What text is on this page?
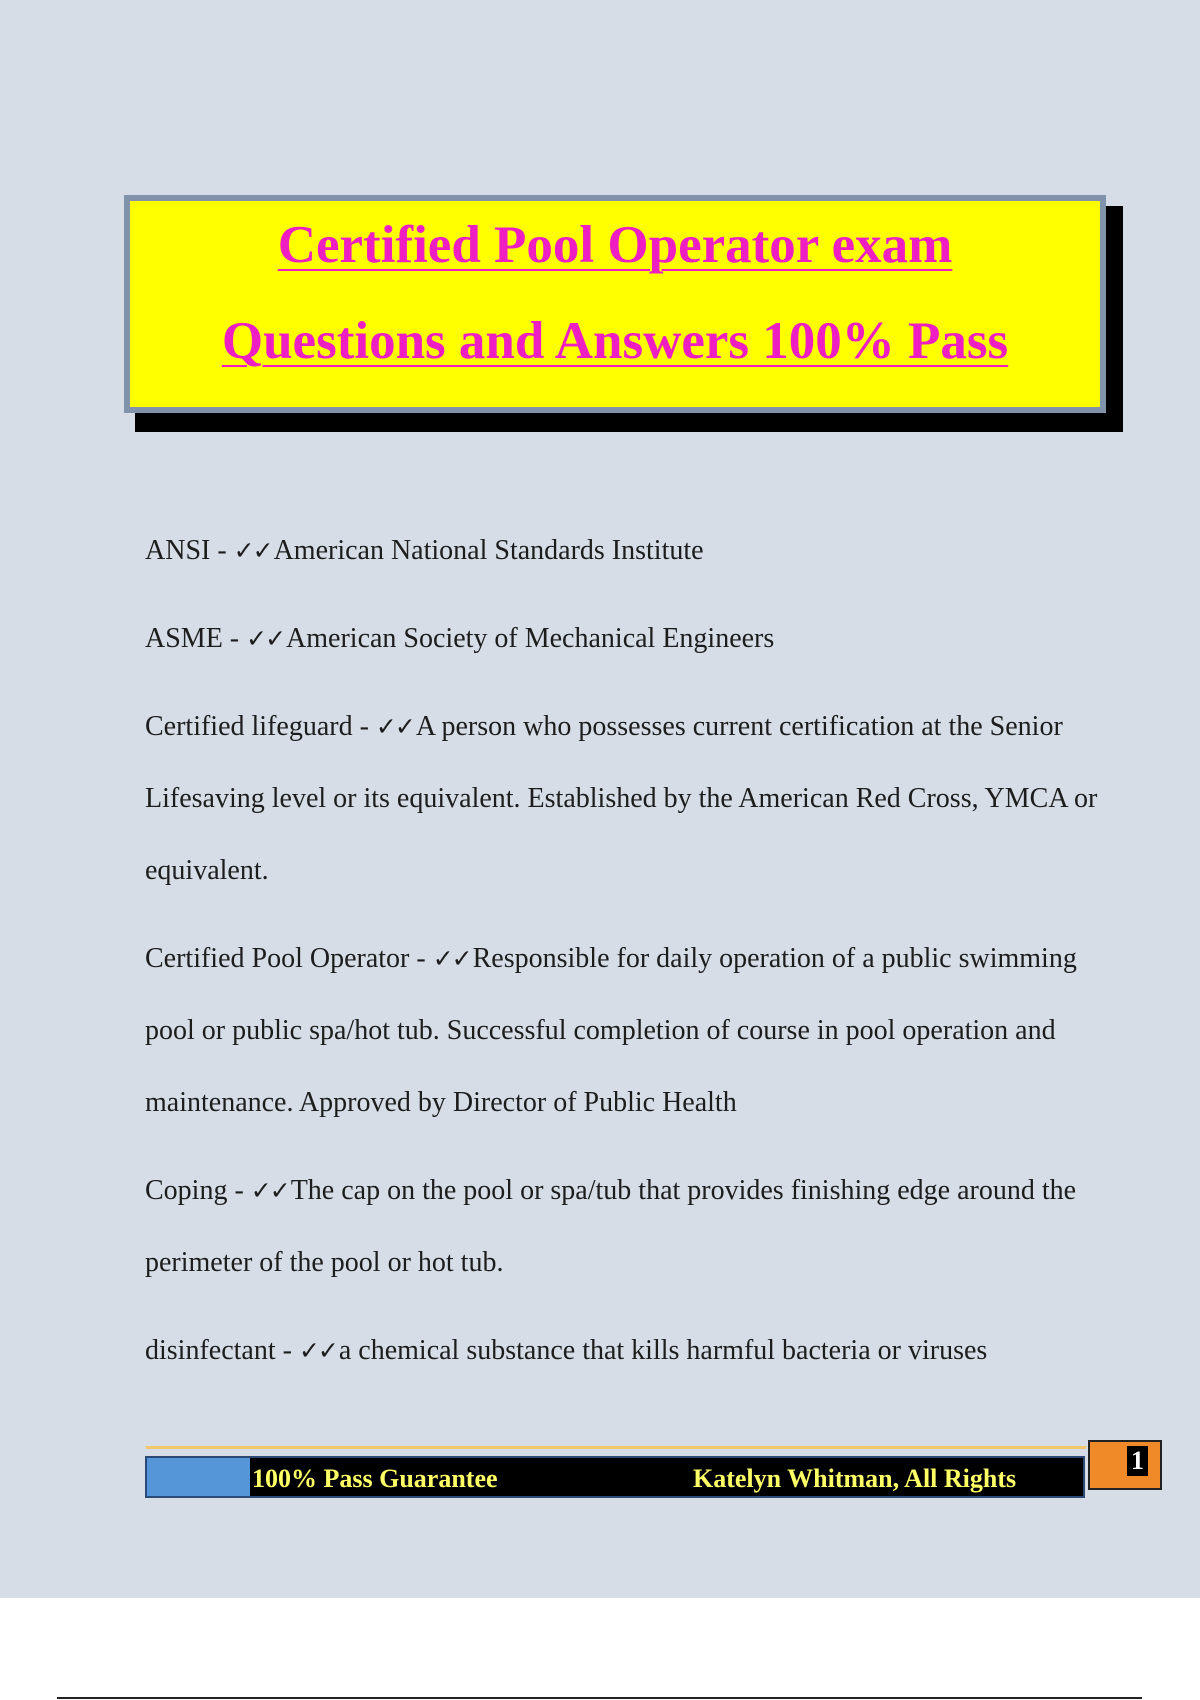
Certified Pool Operator exam
Questions and Answers 100% Pass

ANSI - ✓✓American National Standards Institute

ASME - ✓✓American Society of Mechanical Engineers

Certified lifeguard - ✓✓A person who possesses current certification at the Senior Lifesaving level or its equivalent. Established by the American Red Cross, YMCA or equivalent.

Certified Pool Operator - ✓✓Responsible for daily operation of a public swimming pool or public spa/hot tub. Successful completion of course in pool operation and maintenance. Approved by Director of Public Health

Coping - ✓✓The cap on the pool or spa/tub that provides finishing edge around the perimeter of the pool or hot tub.

disinfectant - ✓✓a chemical substance that kills harmful bacteria or viruses

100% Pass Guarantee	Katelyn Whitman, All Rights
1
